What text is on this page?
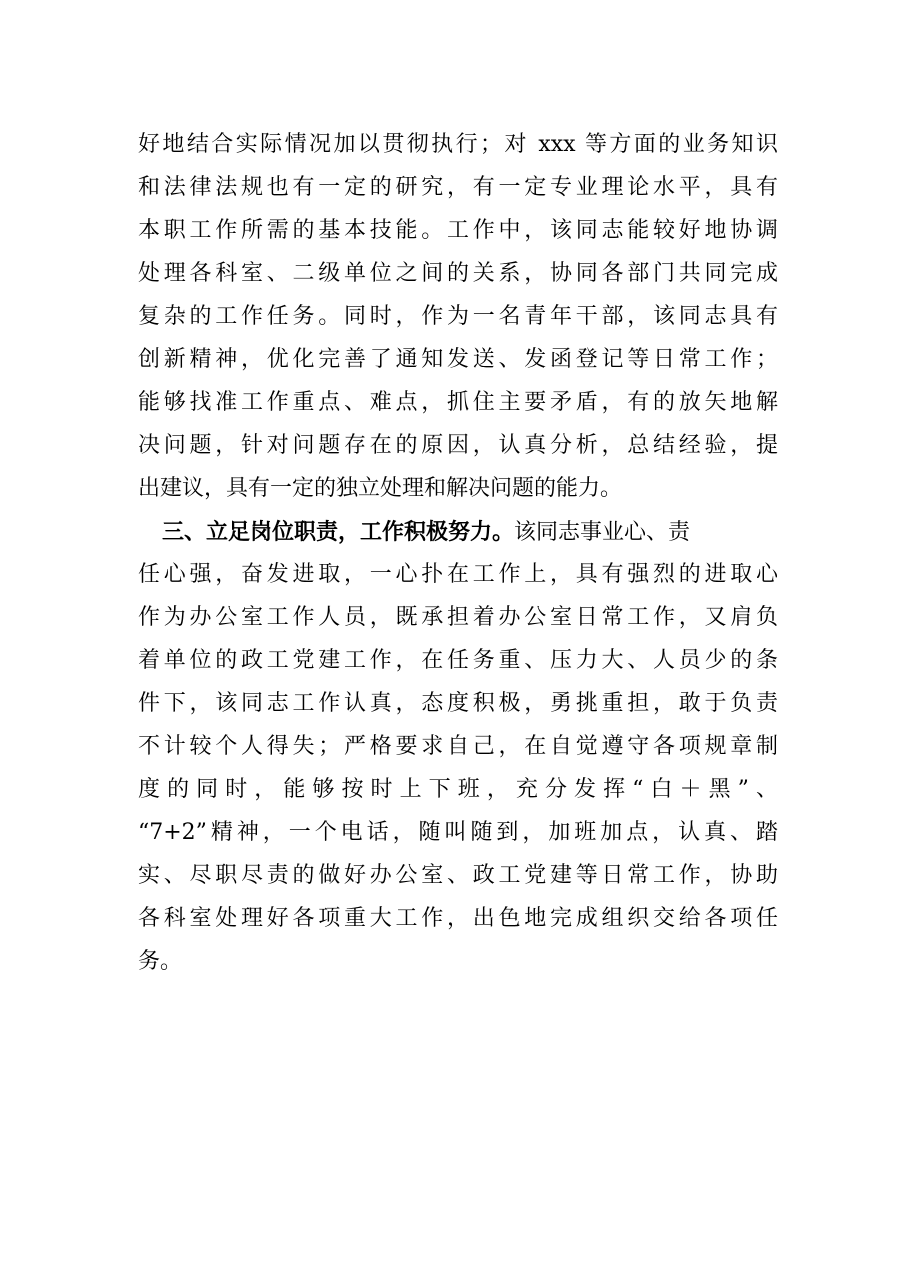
好地结合实际情况加以贯彻执行；对 xxx 等方面的业务知识
和法律法规也有一定的研究，有一定专业理论水平，具有
本职工作所需的基本技能。工作中，该同志能较好地协调
处理各科室、二级单位之间的关系，协同各部门共同完成
复杂的工作任务。同时，作为一名青年干部，该同志具有
创新精神，优化完善了通知发送、发函登记等日常工作；
能够找准工作重点、难点，抓住主要矛盾，有的放矢地解
决问题，针对问题存在的原因，认真分析，总结经验，提
出建议，具有一定的独立处理和解决问题的能力。
三、立足岗位职责，工作积极努力。该同志事业心、责
任心强，奋发进取，一心扑在工作上，具有强烈的进取心
作为办公室工作人员，既承担着办公室日常工作，又肩负
着单位的政工党建工作，在任务重、压力大、人员少的条
件下，该同志工作认真，态度积极，勇挑重担，敢于负责
不计较个人得失；严格要求自己，在自觉遵守各项规章制
度的同时，能够按时上下班，充分发挥“白＋黑”、
“7+2”精神，一个电话，随叫随到，加班加点，认真、踏
实、尽职尽责的做好办公室、政工党建等日常工作，协助
各科室处理好各项重大工作，出色地完成组织交给各项任
务。
